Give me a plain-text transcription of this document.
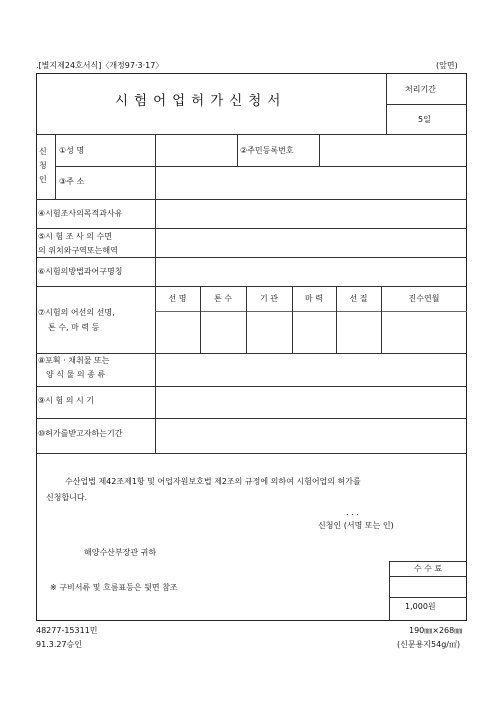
.[별지제24호서식]〈개정97·3·17〉	(앞면)
시험어업허가신청서
처리기간
5일
신
청
인
①성 명	②주민등록번호
③주 소
④시험조사의목적과사유
⑤시 험 조 사 의 수면
의 위치와구역또는해역
⑥시험의방법과어구명칭
⑦시험의 어선의 선명,
톤 수, 마 력 등
선 명	톤 수	기 관	마 력	선 질	진수연월
⑧포획 · 채취물 또는
양 식 물 의 종 류
⑨시 험 의 시 기
⑩허가를받고자하는기간
수산업법 제42조제1항 및 어업자원보호법 제2조의 규정에 의하여 시험어업의 허가를
신청합니다.
. . .
신청인 (서명 또는 인)
해양수산부장관 귀하
※ 구비서류 및 흐름표등은 뒷면 참조
수 수 료
1,000원
48277-15311민
91.3.27승인
190㎜×268㎜
(신문용지54g/㎡)
